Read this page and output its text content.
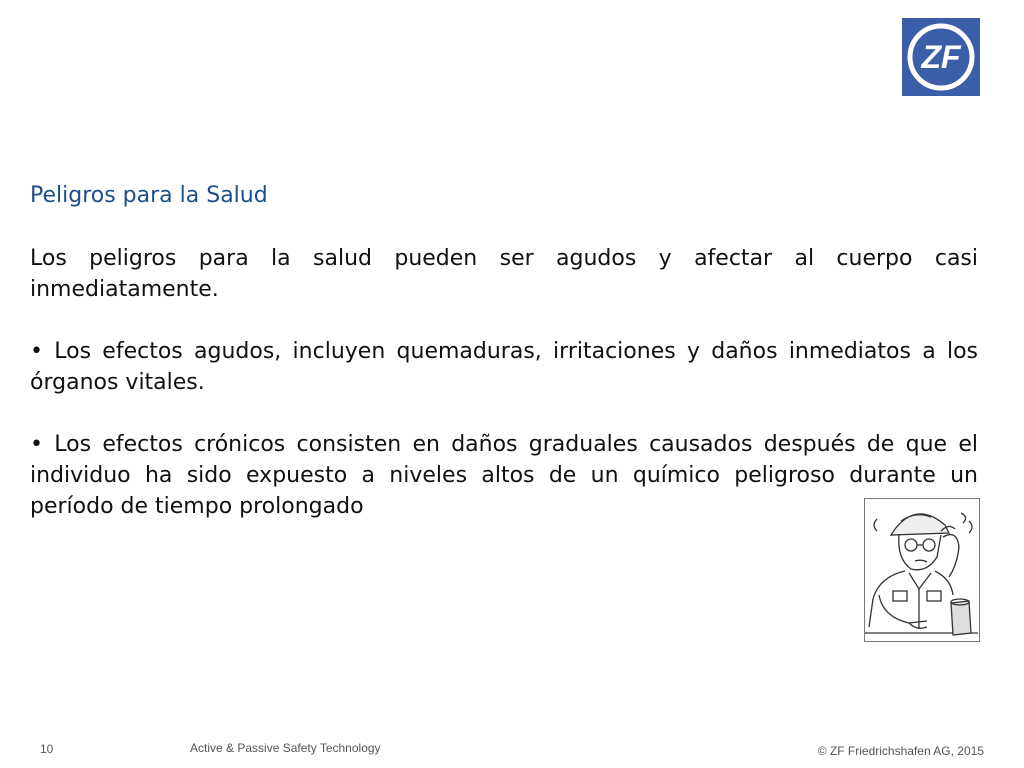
ZF
Peligros para la Salud

Los peligros para la salud pueden ser agudos y afectar al cuerpo casi inmediatamente.

• Los efectos agudos, incluyen quemaduras, irritaciones y daños inmediatos a los órganos vitales.

• Los efectos crónicos consisten en daños graduales causados después de que el individuo ha sido expuesto a niveles altos de un químico peligroso durante un período de tiempo prolongado

10	Active & Passive Safety Technology	© ZF Friedrichshafen AG, 2015
